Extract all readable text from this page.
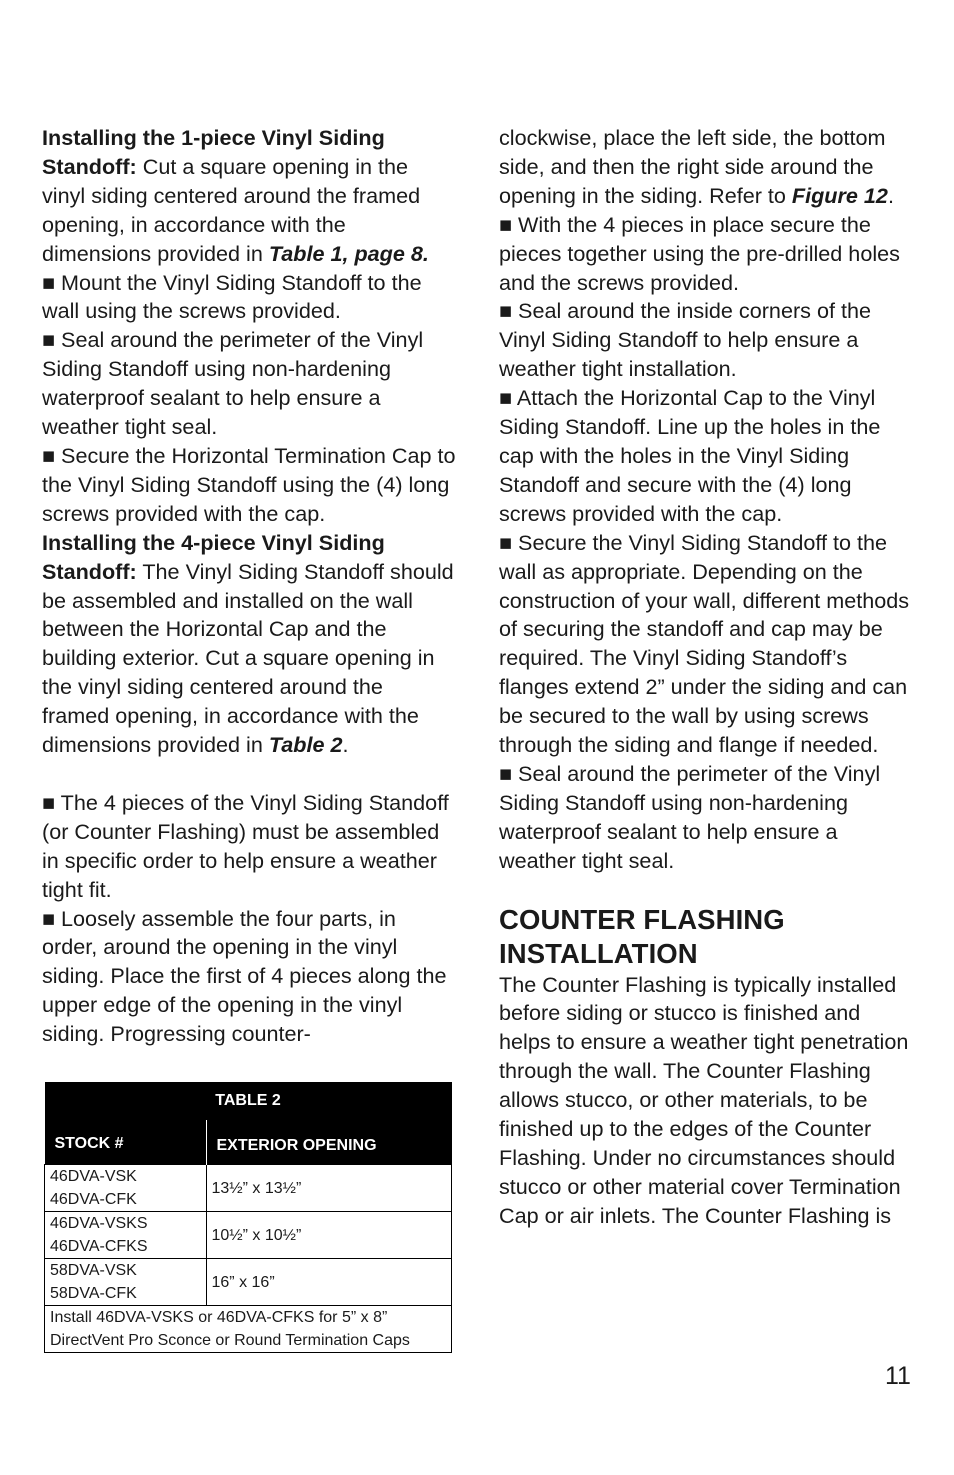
Installing the 1-piece Vinyl Siding Standoff: Cut a square opening in the vinyl siding centered around the framed opening, in accordance with the dimensions provided in Table 1, page 8.

■ Mount the Vinyl Siding Standoff to the wall using the screws provided.

■ Seal around the perimeter of the Vinyl Siding Standoff using non-hardening waterproof sealant to help ensure a weather tight seal.

■ Secure the Horizontal Termination Cap to the Vinyl Siding Standoff using the (4) long screws provided with the cap.

Installing the 4-piece Vinyl Siding Standoff: The Vinyl Siding Standoff should be assembled and installed on the wall between the Horizontal Cap and the building exterior. Cut a square opening in the vinyl siding centered around the framed opening, in accordance with the dimensions provided in Table 2.

■ The 4 pieces of the Vinyl Siding Standoff (or Counter Flashing) must be assembled in specific order to help ensure a weather tight fit.

■ Loosely assemble the four parts, in order, around the opening in the vinyl siding. Place the first of 4 pieces along the upper edge of the opening in the vinyl siding. Progressing counter-

clockwise, place the left side, the bottom side, and then the right side around the opening in the siding. Refer to Figure 12.

■ With the 4 pieces in place secure the pieces together using the pre-drilled holes and the screws provided.

■ Seal around the inside corners of the Vinyl Siding Standoff to help ensure a weather tight installation.

■ Attach the Horizontal Cap to the Vinyl Siding Standoff. Line up the holes in the cap with the holes in the Vinyl Siding Standoff and secure with the (4) long screws provided with the cap.

■ Secure the Vinyl Siding Standoff to the wall as appropriate. Depending on the construction of your wall, different methods of securing the standoff and cap may be required. The Vinyl Siding Standoff’s flanges extend 2” under the siding and can be secured to the wall by using screws through the siding and flange if needed.

■ Seal around the perimeter of the Vinyl Siding Standoff using non-hardening waterproof sealant to help ensure a weather tight seal.

COUNTER FLASHING
INSTALLATION

The Counter Flashing is typically installed before siding or stucco is finished and helps to ensure a weather tight penetration through the wall. The Counter Flashing allows stucco, or other materials, to be finished up to the edges of the Counter Flashing. Under no circumstances should stucco or other material cover Termination Cap or air inlets. The Counter Flashing is

TABLE 2	
STOCK #	EXTERIOR OPENING
46DVA-VSK
46DVA-CFK	13½” x 13½”
46DVA-VSKS
46DVA-CFKS	10½” x 10½”
58DVA-VSK
58DVA-CFK	16” x 16”
Install 46DVA-VSKS or 46DVA-CFKS for 5” x 8”
DirectVent Pro Sconce or Round Termination Caps	
11
